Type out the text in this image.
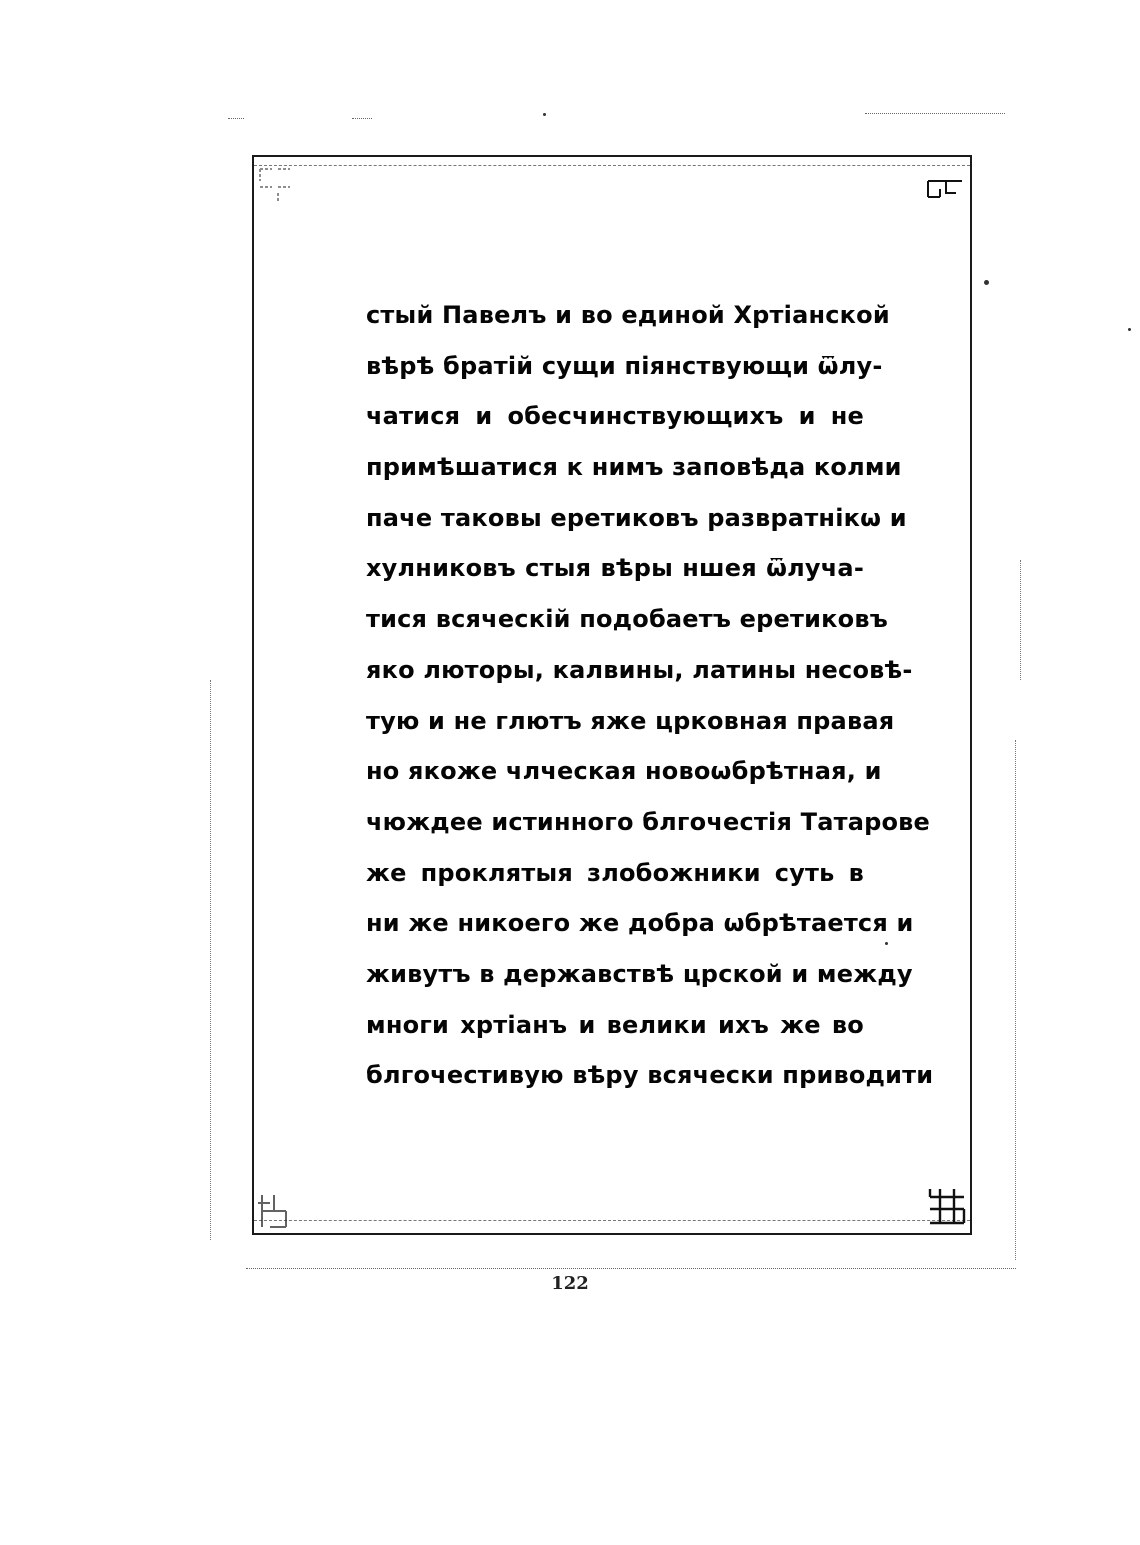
стый Павелъ и во единой Хртіанской
вѣрѣ братій сущи піянствующи ѿлу-
чатися и обесчинствующихъ и не
примѣшатися к нимъ заповѣда колми
паче таковы еретиковъ развратнікѡ и
хулниковъ стыя вѣры ншея ѿлуча-
тися всяческій подобаетъ еретиковъ
яко люторы, калвины, латины несовѣ-
тую и не глютъ яже црковная правая
но якоже члческая новоѡбрѣтная, и
чюждее истинного блгочестія Татарове
же проклятыя злобожники суть в
ни же никоего же добра ѡбрѣтается и
живутъ в державствѣ црской и между
многи хртіанъ и велики ихъ же во
блгочестивую вѣру всячески приводити
122
